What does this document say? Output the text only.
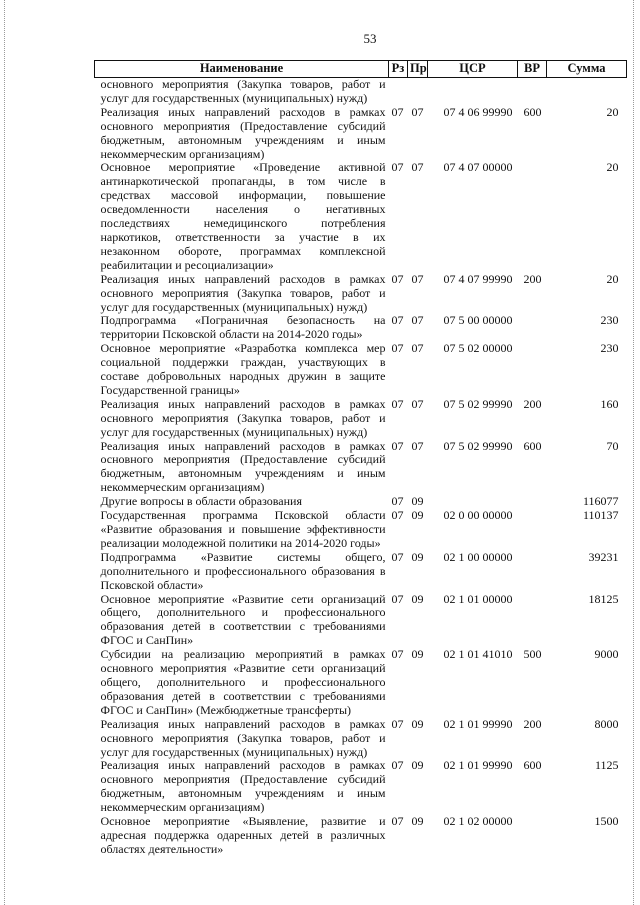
53
Наименование	Рз	Пр	ЦСР	ВР	Сумма
основного мероприятия (Закупка товаров, работ и услуг для государственных (муниципальных) нужд)					
Реализация иных направлений расходов в рамках основного мероприятия (Предоставление субсидий бюджетным, автономным учреждениям и иным некоммерческим организациям)	07	07	07 4 06 99990	600	20
Основное мероприятие «Проведение активной антинаркотической пропаганды, в том числе в средствах массовой информации, повышение осведомленности населения о негативных последствиях немедицинского потребления наркотиков, ответственности за участие в их незаконном обороте, программах комплексной реабилитации и ресоциализации»	07	07	07 4 07 00000		20
Реализация иных направлений расходов в рамках основного мероприятия (Закупка товаров, работ и услуг для государственных (муниципальных) нужд)	07	07	07 4 07 99990	200	20
Подпрограмма «Пограничная безопасность на территории Псковской области на 2014-2020 годы»	07	07	07 5 00 00000		230
Основное мероприятие «Разработка комплекса мер социальной поддержки граждан, участвующих в составе добровольных народных дружин в защите Государственной границы»	07	07	07 5 02 00000		230
Реализация иных направлений расходов в рамках основного мероприятия (Закупка товаров, работ и услуг для государственных (муниципальных) нужд)	07	07	07 5 02 99990	200	160
Реализация иных направлений расходов в рамках основного мероприятия (Предоставление субсидий бюджетным, автономным учреждениям и иным некоммерческим организациям)	07	07	07 5 02 99990	600	70
Другие вопросы в области образования	07	09			116077
Государственная программа Псковской области «Развитие образования и повышение эффективности реализации молодежной политики на 2014-2020 годы»	07	09	02 0 00 00000		110137
Подпрограмма «Развитие системы общего, дополнительного и профессионального образования в Псковской области»	07	09	02 1 00 00000		39231
Основное мероприятие «Развитие сети организаций общего, дополнительного и профессионального образования детей в соответствии с требованиями ФГОС и СанПин»	07	09	02 1 01 00000		18125
Субсидии на реализацию мероприятий в рамках основного мероприятия «Развитие сети организаций общего, дополнительного и профессионального образования детей в соответствии с требованиями ФГОС и СанПин» (Межбюджетные трансферты)	07	09	02 1 01 41010	500	9000
Реализация иных направлений расходов в рамках основного мероприятия (Закупка товаров, работ и услуг для государственных (муниципальных) нужд)	07	09	02 1 01 99990	200	8000
Реализация иных направлений расходов в рамках основного мероприятия (Предоставление субсидий бюджетным, автономным учреждениям и иным некоммерческим организациям)	07	09	02 1 01 99990	600	1125
Основное мероприятие «Выявление, развитие и адресная поддержка одаренных детей в различных областях деятельности»	07	09	02 1 02 00000		1500
